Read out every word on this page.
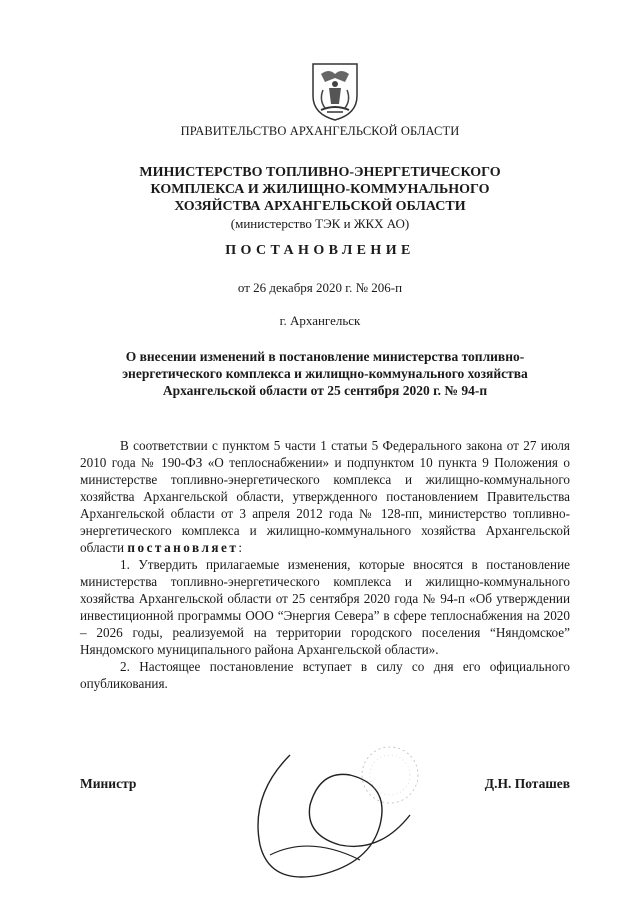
ПРАВИТЕЛЬСТВО АРХАНГЕЛЬСКОЙ ОБЛАСТИ
МИНИСТЕРСТВО ТОПЛИВНО-ЭНЕРГЕТИЧЕСКОГО
КОМПЛЕКСА И ЖИЛИЩНО-КОММУНАЛЬНОГО
ХОЗЯЙСТВА АРХАНГЕЛЬСКОЙ ОБЛАСТИ
(министерство ТЭК и ЖКХ АО)
ПОСТАНОВЛЕНИЕ
от 26 декабря 2020 г. № 206-п
г. Архангельск
О внесении изменений в постановление министерства топливно-энергетического комплекса и жилищно-коммунального хозяйства Архангельской области от 25 сентября 2020 г. № 94-п

В соответствии с пунктом 5 части 1 статьи 5 Федерального закона от 27 июля 2010 года № 190-ФЗ «О теплоснабжении» и подпунктом 10 пункта 9 Положения о министерстве топливно-энергетического комплекса и жилищно-коммунального хозяйства Архангельской области, утвержденного постановлением Правительства Архангельской области от 3 апреля 2012 года № 128-пп, министерство топливно-энергетического комплекса и жилищно-коммунального хозяйства Архангельской области постановляет:

1. Утвердить прилагаемые изменения, которые вносятся в постановление министерства топливно-энергетического комплекса и жилищно-коммунального хозяйства Архангельской области от 25 сентября 2020 года № 94-п «Об утверждении инвестиционной программы ООО “Энергия Севера” в сфере теплоснабжения на 2020 – 2026 годы, реализуемой на территории городского поселения “Няндомское” Няндомского муниципального района Архангельской области».

2. Настоящее постановление вступает в силу со дня его официального опубликования.

Министр	Д.Н. Поташев
